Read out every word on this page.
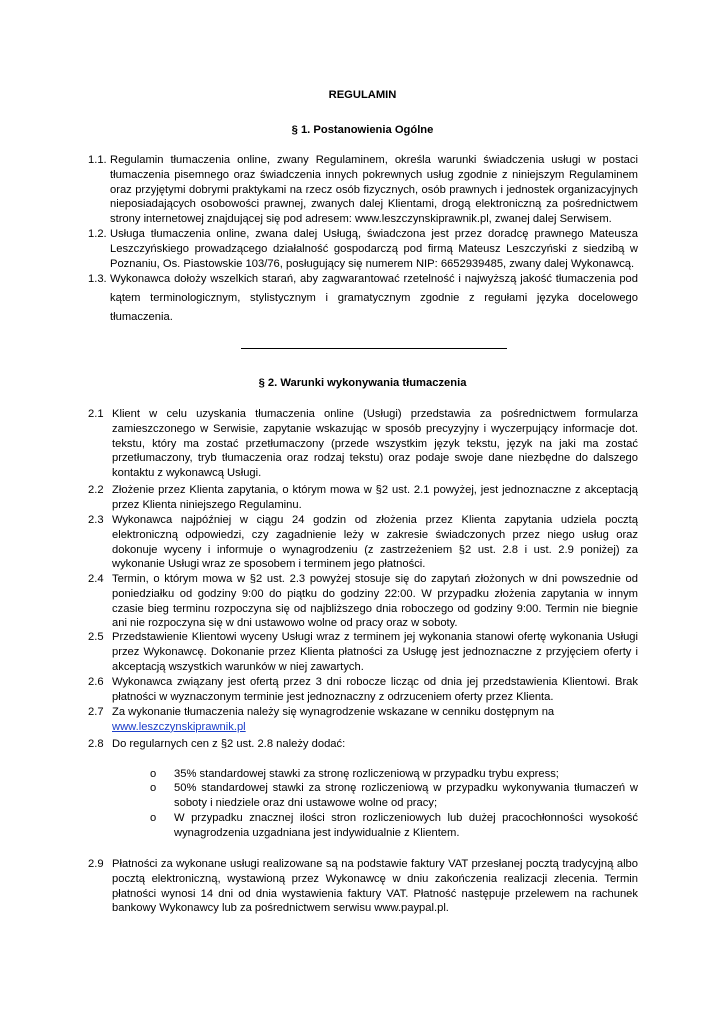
REGULAMIN
§ 1. Postanowienia Ogólne
1.1. Regulamin tłumaczenia online, zwany Regulaminem, określa warunki świadczenia usługi w postaci tłumaczenia pisemnego oraz świadczenia innych pokrewnych usług zgodnie z niniejszym Regulaminem oraz przyjętymi dobrymi praktykami na rzecz osób fizycznych, osób prawnych i jednostek organizacyjnych nieposiadających osobowości prawnej, zwanych dalej Klientami, drogą elektroniczną za pośrednictwem strony internetowej znajdującej się pod adresem: www.leszczynskiprawnik.pl, zwanej dalej Serwisem.
1.2. Usługa tłumaczenia online, zwana dalej Usługą, świadczona jest przez doradcę prawnego Mateusza Leszczyńskiego prowadzącego działalność gospodarczą pod firmą Mateusz Leszczyński z siedzibą w Poznaniu, Os. Piastowskie 103/76, posługujący się numerem NIP: 6652939485, zwany dalej Wykonawcą.
1.3. Wykonawca dołoży wszelkich starań, aby zagwarantować rzetelność i najwyższą jakość tłumaczenia pod kątem terminologicznym, stylistycznym i gramatycznym zgodnie z regułami języka docelowego tłumaczenia.
§ 2. Warunki wykonywania tłumaczenia
2.1 Klient w celu uzyskania tłumaczenia online (Usługi) przedstawia za pośrednictwem formularza zamieszczonego w Serwisie, zapytanie wskazując w sposób precyzyjny i wyczerpujący informacje dot. tekstu, który ma zostać przetłumaczony (przede wszystkim język tekstu, język na jaki ma zostać przetłumaczony, tryb tłumaczenia oraz rodzaj tekstu) oraz podaje swoje dane niezbędne do dalszego kontaktu z wykonawcą Usługi.
2.2 Złożenie przez Klienta zapytania, o którym mowa w §2 ust. 2.1 powyżej, jest jednoznaczne z akceptacją przez Klienta niniejszego Regulaminu.
2.3 Wykonawca najpóźniej w ciągu 24 godzin od złożenia przez Klienta zapytania udziela pocztą elektroniczną odpowiedzi, czy zagadnienie leży w zakresie świadczonych przez niego usług oraz dokonuje wyceny i informuje o wynagrodzeniu (z zastrzeżeniem §2 ust. 2.8 i ust. 2.9 poniżej) za wykonanie Usługi wraz ze sposobem i terminem jego płatności.
2.4 Termin, o którym mowa w §2 ust. 2.3 powyżej stosuje się do zapytań złożonych w dni powszednie od poniedziałku od godziny 9:00 do piątku do godziny 22:00. W przypadku złożenia zapytania w innym czasie bieg terminu rozpoczyna się od najbliższego dnia roboczego od godziny 9:00. Termin nie biegnie ani nie rozpoczyna się w dni ustawowo wolne od pracy oraz w soboty.
2.5 Przedstawienie Klientowi wyceny Usługi wraz z terminem jej wykonania stanowi ofertę wykonania Usługi przez Wykonawcę. Dokonanie przez Klienta płatności za Usługę jest jednoznaczne z przyjęciem oferty i akceptacją wszystkich warunków w niej zawartych.
2.6 Wykonawca związany jest ofertą przez 3 dni robocze licząc od dnia jej przedstawienia Klientowi. Brak płatności w wyznaczonym terminie jest jednoznaczny z odrzuceniem oferty przez Klienta.
2.7 Za wykonanie tłumaczenia należy się wynagrodzenie wskazane w cenniku dostępnym na
www.leszczynskiprawnik.pl
2.8 Do regularnych cen z §2 ust. 2.8 należy dodać:
o 35% standardowej stawki za stronę rozliczeniową w przypadku trybu express;
o 50% standardowej stawki za stronę rozliczeniową w przypadku wykonywania tłumaczeń w soboty i niedziele oraz dni ustawowe wolne od pracy;
o W przypadku znacznej ilości stron rozliczeniowych lub dużej pracochłonności wysokość wynagrodzenia uzgadniana jest indywidualnie z Klientem.
2.9 Płatności za wykonane usługi realizowane są na podstawie faktury VAT przesłanej pocztą tradycyjną albo pocztą elektroniczną, wystawioną przez Wykonawcę w dniu zakończenia realizacji zlecenia. Termin płatności wynosi 14 dni od dnia wystawienia faktury VAT. Płatność następuje przelewem na rachunek bankowy Wykonawcy lub za pośrednictwem serwisu www.paypal.pl.
